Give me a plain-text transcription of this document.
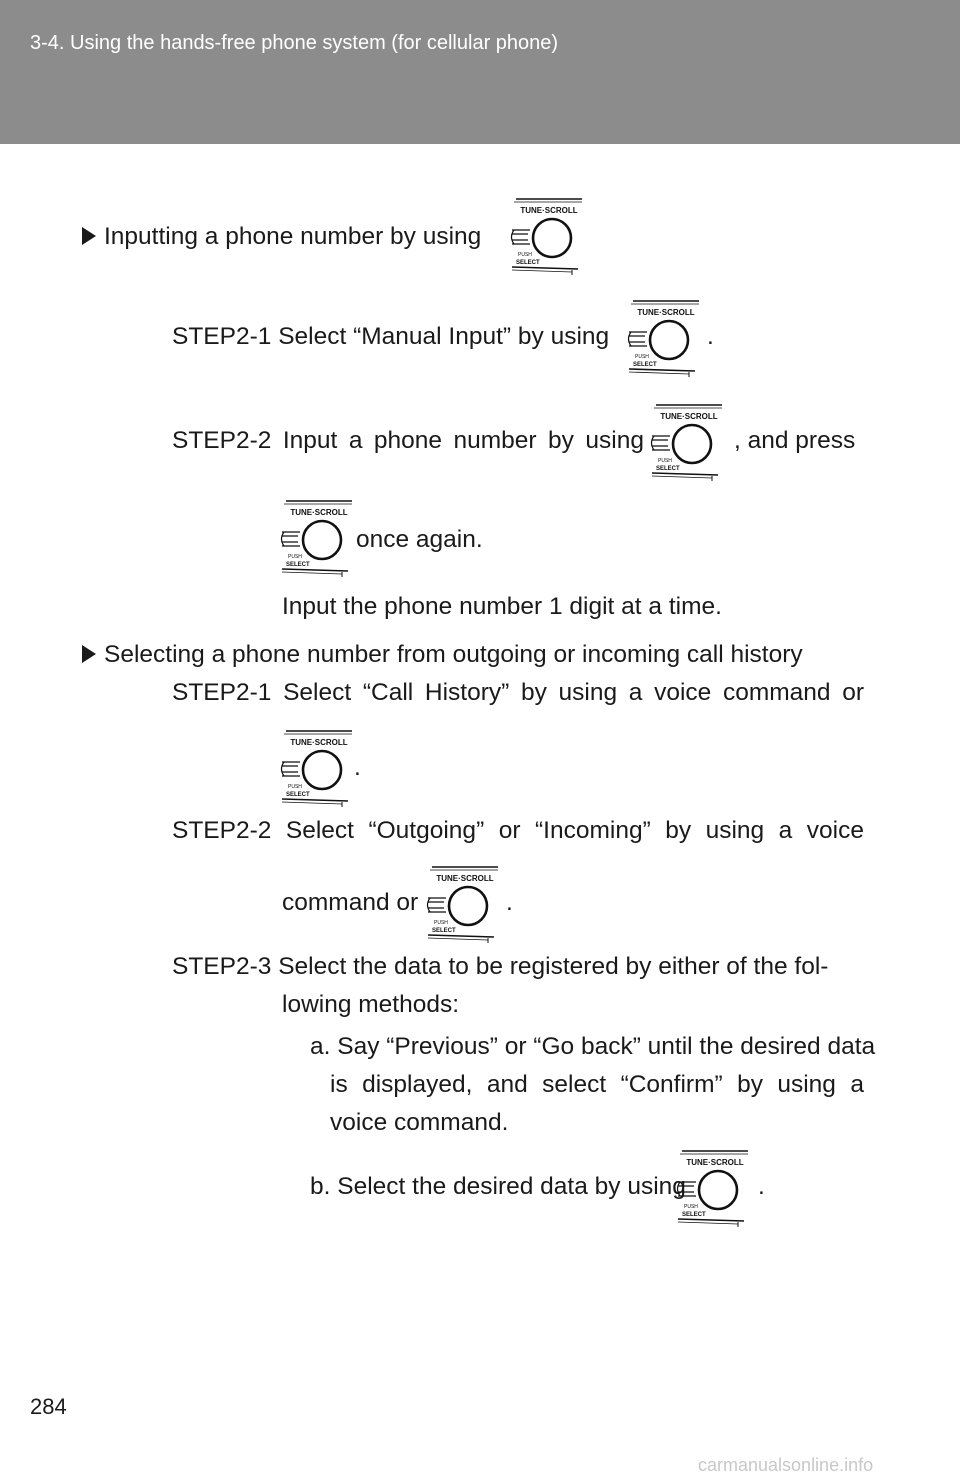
3-4. Using the hands-free phone system (for cellular phone)
Inputting a phone number by using
TUNE·SCROLL
PUSH
SELECT
STEP2-1 Select “Manual Input” by using
TUNE·SCROLL
PUSH
SELECT
.
STEP2-2 Input a phone number by using
TUNE·SCROLL
PUSH
SELECT
, and press
TUNE·SCROLL
PUSH
SELECT
once again.
Input the phone number 1 digit at a time.
Selecting a phone number from outgoing or incoming call history
STEP2-1 Select “Call History” by using a voice command or
TUNE·SCROLL
PUSH
SELECT
.
STEP2-2 Select “Outgoing” or “Incoming” by using a voice
command or
TUNE·SCROLL
PUSH
SELECT
.
STEP2-3 Select the data to be registered by either of the fol-
lowing methods:
a. Say “Previous” or “Go back” until the desired data
is displayed, and select “Confirm” by using a
voice command.
b. Select the desired data by using
TUNE·SCROLL
PUSH
SELECT
.
284
carmanualsonline.info
